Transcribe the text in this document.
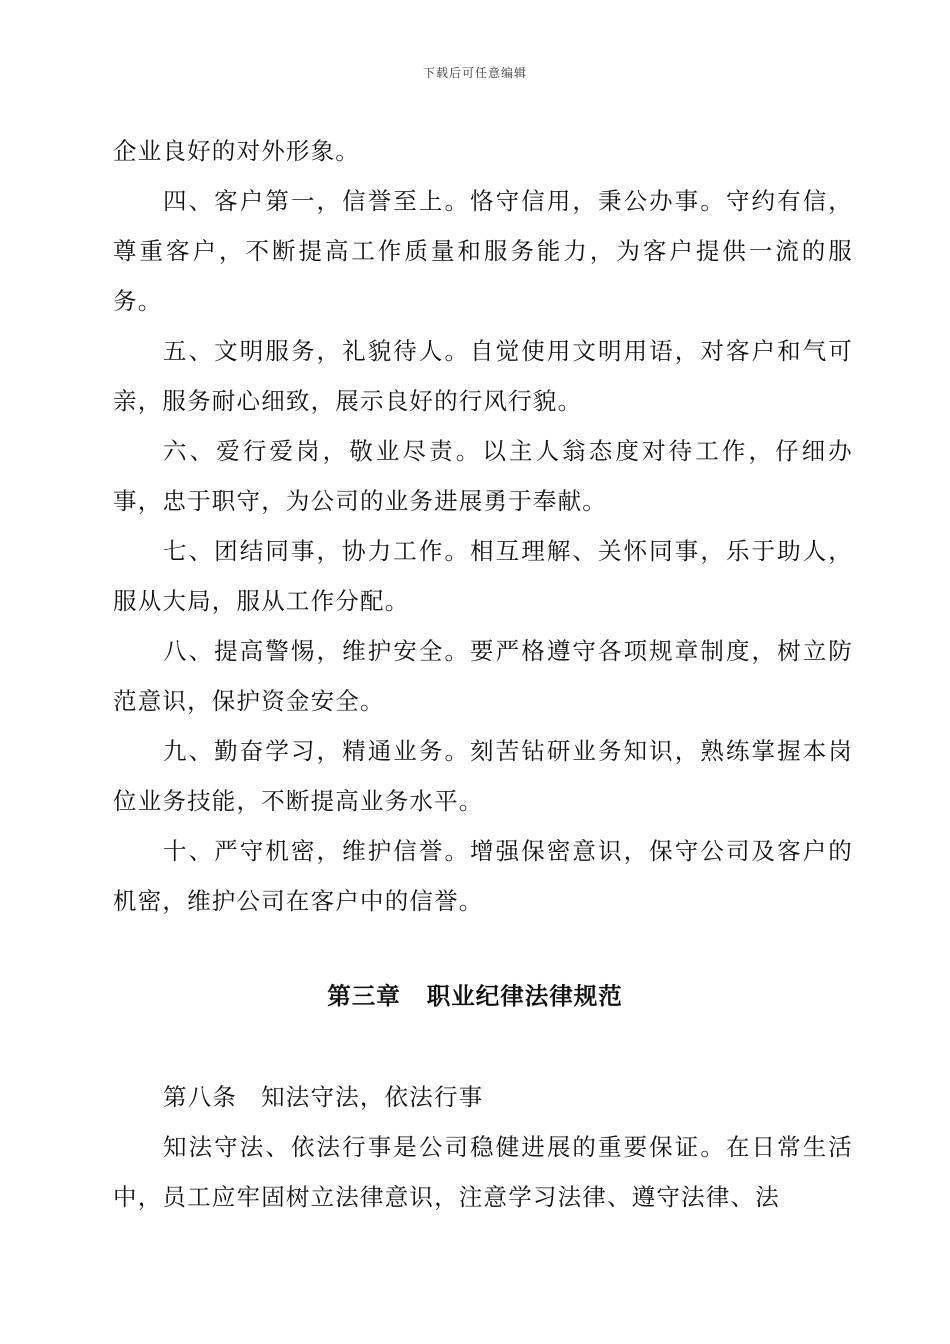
下载后可任意编辑

企业良好的对外形象。

四、客户第一，信誉至上。恪守信用，秉公办事。守约有信，尊重客户，不断提高工作质量和服务能力，为客户提供一流的服务。

五、文明服务，礼貌待人。自觉使用文明用语，对客户和气可亲，服务耐心细致，展示良好的行风行貌。

六、爱行爱岗，敬业尽责。以主人翁态度对待工作，仔细办事，忠于职守，为公司的业务进展勇于奉献。

七、团结同事，协力工作。相互理解、关怀同事，乐于助人，服从大局，服从工作分配。

八、提高警惕，维护安全。要严格遵守各项规章制度，树立防范意识，保护资金安全。

九、勤奋学习，精通业务。刻苦钻研业务知识，熟练掌握本岗位业务技能，不断提高业务水平。

十、严守机密，维护信誉。增强保密意识，保守公司及客户的机密，维护公司在客户中的信誉。

第三章 职业纪律法律规范

第八条 知法守法，依法行事

知法守法、依法行事是公司稳健进展的重要保证。在日常生活中，员工应牢固树立法律意识，注意学习法律、遵守法律、法
